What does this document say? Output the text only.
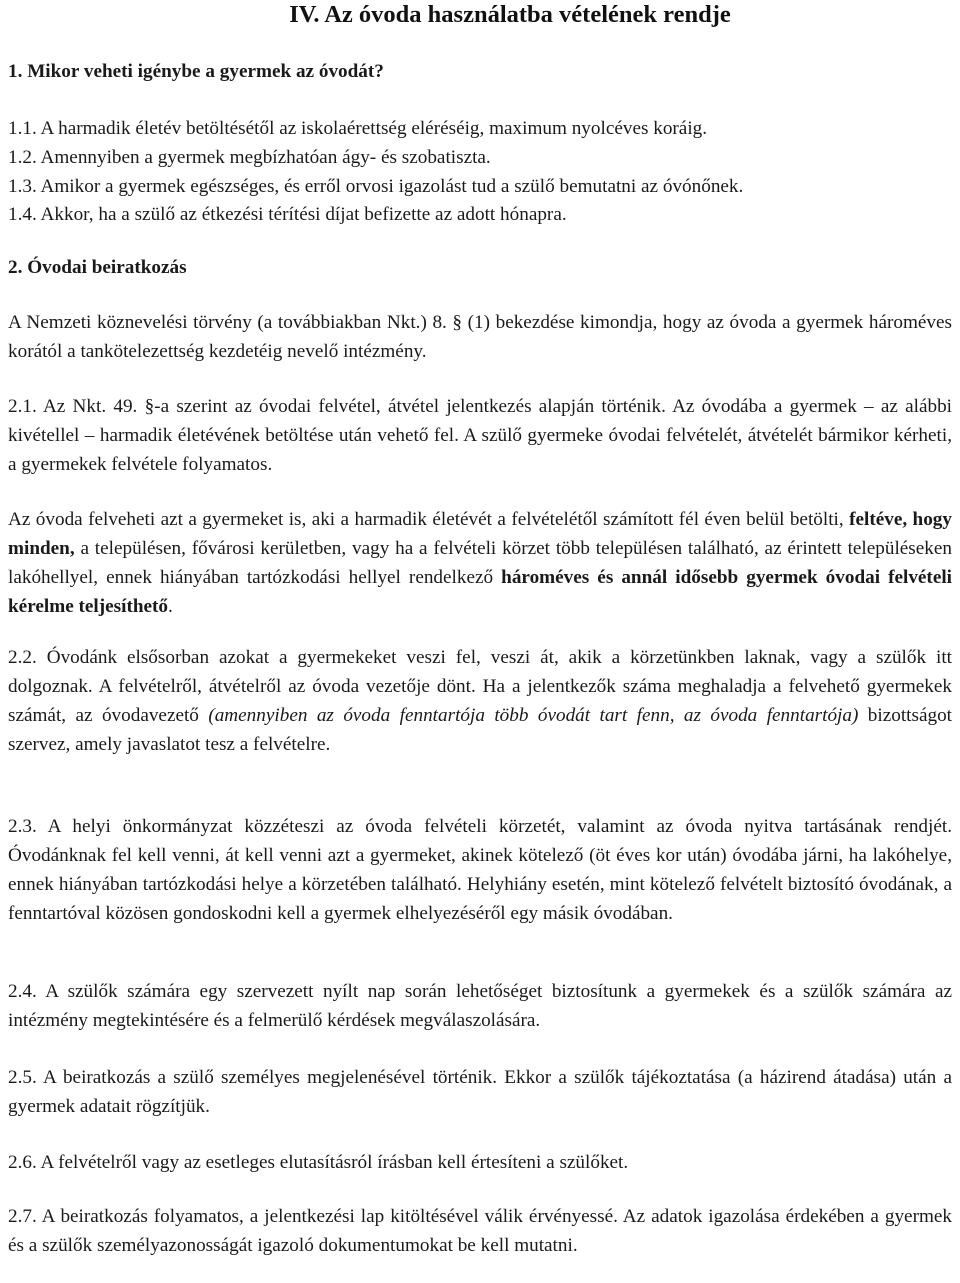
IV. Az óvoda használatba vételének rendje

1. Mikor veheti igénybe a gyermek az óvodát?

1.1. A harmadik életév betöltésétől az iskolaérettség eléréséig, maximum nyolcéves koráig.

1.2. Amennyiben a gyermek megbízhatóan ágy- és szobatiszta.

1.3. Amikor a gyermek egészséges, és erről orvosi igazolást tud a szülő bemutatni az óvónőnek.

1.4. Akkor, ha a szülő az étkezési térítési díjat befizette az adott hónapra.

2. Óvodai beiratkozás

A Nemzeti köznevelési törvény (a továbbiakban Nkt.) 8. § (1) bekezdése kimondja, hogy az óvoda a gyermek hároméves korától a tankötelezettség kezdetéig nevelő intézmény.

2.1. Az Nkt. 49. §-a szerint az óvodai felvétel, átvétel jelentkezés alapján történik. Az óvodába a gyermek – az alábbi kivétellel – harmadik életévének betöltése után vehető fel. A szülő gyermeke óvodai felvételét, átvételét bármikor kérheti, a gyermekek felvétele folyamatos.

Az óvoda felveheti azt a gyermeket is, aki a harmadik életévét a felvételétől számított fél éven belül betölti, feltéve, hogy minden, a településen, fővárosi kerületben, vagy ha a felvételi körzet több településen található, az érintett településeken lakóhellyel, ennek hiányában tartózkodási hellyel rendelkező hároméves és annál idősebb gyermek óvodai felvételi kérelme teljesíthető.

2.2. Óvodánk elsősorban azokat a gyermekeket veszi fel, veszi át, akik a körzetünkben laknak, vagy a szülők itt dolgoznak. A felvételről, átvételről az óvoda vezetője dönt. Ha a jelentkezők száma meghaladja a felvehető gyermekek számát, az óvodavezető (amennyiben az óvoda fenntartója több óvodát tart fenn, az óvoda fenntartója) bizottságot szervez, amely javaslatot tesz a felvételre.

2.3. A helyi önkormányzat közzéteszi az óvoda felvételi körzetét, valamint az óvoda nyitva tartásának rendjét. Óvodánknak fel kell venni, át kell venni azt a gyermeket, akinek kötelező (öt éves kor után) óvodába járni, ha lakóhelye, ennek hiányában tartózkodási helye a körzetében található. Helyhiány esetén, mint kötelező felvételt biztosító óvodának, a fenntartóval közösen gondoskodni kell a gyermek elhelyezéséről egy másik óvodában.

2.4. A szülők számára egy szervezett nyílt nap során lehetőséget biztosítunk a gyermekek és a szülők számára az intézmény megtekintésére és a felmerülő kérdések megválaszolására.

2.5. A beiratkozás a szülő személyes megjelenésével történik. Ekkor a szülők tájékoztatása (a házirend átadása) után a gyermek adatait rögzítjük.

2.6. A felvételről vagy az esetleges elutasításról írásban kell értesíteni a szülőket.

2.7. A beiratkozás folyamatos, a jelentkezési lap kitöltésével válik érvényessé. Az adatok igazolása érdekében a gyermek és a szülők személyazonosságát igazoló dokumentumokat be kell mutatni.
